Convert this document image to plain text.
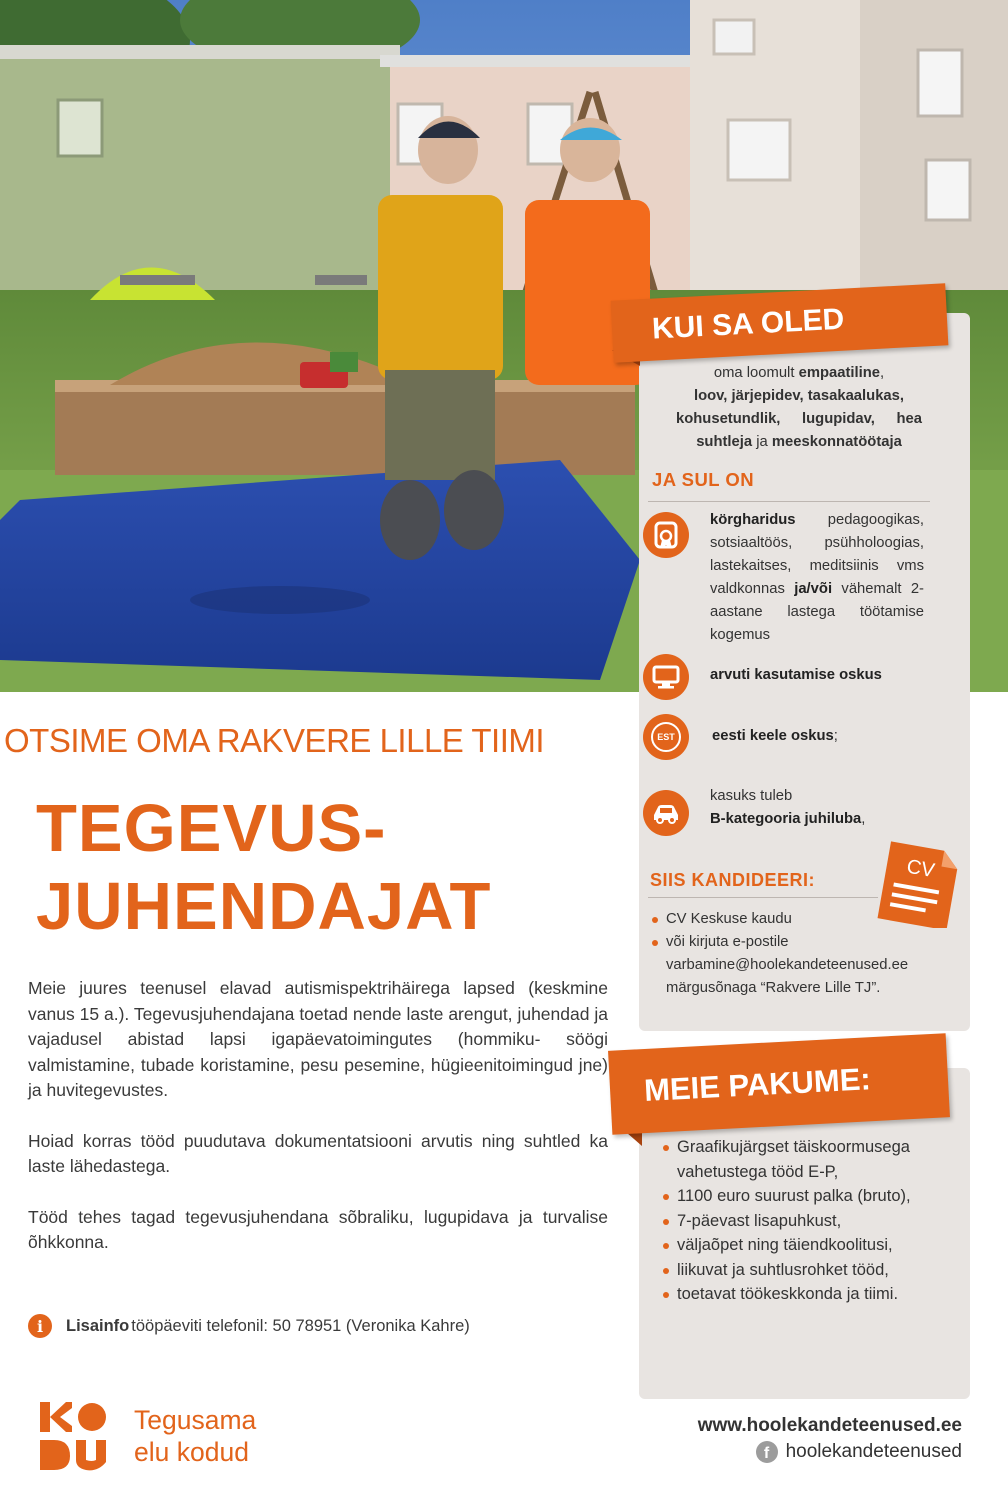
OTSIME OMA RAKVERE LILLE TIIMI
TEGEVUS-
JUHENDAJAT

Meie juures teenusel elavad autismispektrihäirega lapsed (keskmine vanus 15 a.). Tegevusjuhendajana toetad nende laste arengut, juhendad ja vajadusel abistad lapsi igapäevatoimingutes (hommiku- söögi valmistamine, tubade koristamine, pesu pesemine, hügieenitoimingud jne) ja huvitegevustes.

Hoiad korras tööd puudutava dokumentatsiooni arvutis ning suhtled ka laste lähedastega.

Tööd tehes tagad tegevusjuhendana sõbraliku, lugupidava ja turvalise õhkkonna.

i	Lisainfo tööpäeviti telefonil: 50 78951 (Veronika Kahre)
KUI SA OLED
oma loomult empaatiline,
loov, järjepidev, tasakaalukas,
kohusetundlik, lugupidav, hea suhtleja ja meeskonnatöötaja
JA SUL ON
körgharidus pedagoogikas, sotsiaaltöös, psühholoogias, lastekaitses, meditsiinis vms valdkonnas ja/või vähemalt 2-aastane lastega töötamise kogemus
arvuti kasutamise oskus
EST	eesti keele oskus;
kasuks tuleb
B-kategooria juhiluba,
SIIS KANDIDEERI:	CV
CV Keskuse kaudu
või kirjuta e-postile
varbamine@hoolekandeteenused.ee
märgusõnaga “Rakvere Lille TJ”.
MEIE PAKUME:
Graafikujärgset täiskoormusega vahetustega tööd E-P,
1100 euro suurust palka (bruto),
7-päevast lisapuhkust,
väljaõpet ning täiendkoolitusi,
liikuvat ja suhtlusrohket tööd,
toetavat töökeskkonda ja tiimi.
Tegusama
elu kodud
www.hoolekandeteenused.ee
f hoolekandeteenused
